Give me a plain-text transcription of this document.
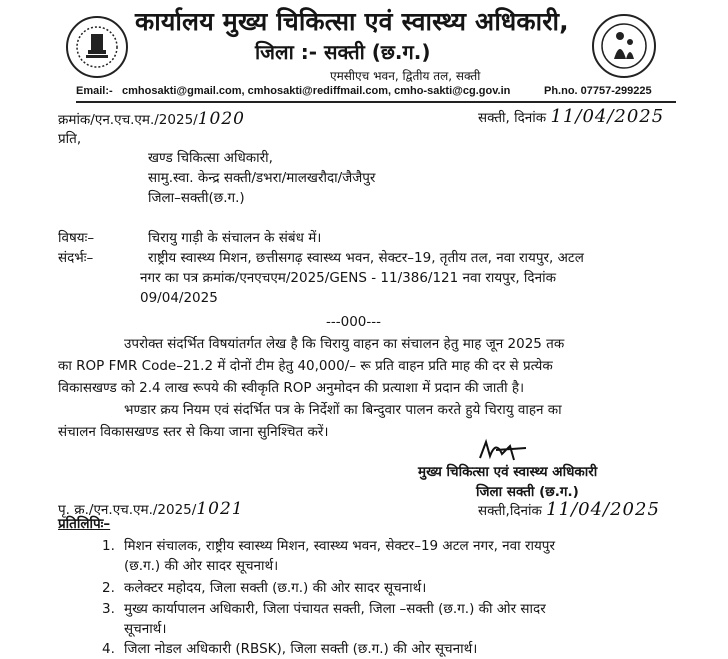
कार्यालय मुख्य चिकित्सा एवं स्वास्थ्य अधिकारी,
जिला :- सक्ती (छ.ग.)
एमसीएच भवन, द्वितीय तल, सक्ती
Email:- cmhosakti@gmail.com, cmhosakti@rediffmail.com, cmho-sakti@cg.gov.in	Ph.no. 07757-299225
क्रमांक/एन.एच.एम./2025/1020	सक्ती, दिनांक 11/04/2025
प्रति,
खण्ड चिकित्सा अधिकारी,
सामु.स्वा. केन्द्र सक्ती/डभरा/मालखरौदा/जैजैपुर
जिला–सक्ती(छ.ग.)
विषयः–	चिरायु गाड़ी के संचालन के संबंध में।
संदर्भः–	राष्ट्रीय स्वास्थ्य मिशन, छत्तीसगढ़ स्वास्थ्य भवन, सेक्टर–19, तृतीय तल, नवा रायपुर, अटल
नगर का पत्र क्रमांक/एनएचएम/2025/GENS - 11/386/121 नवा रायपुर, दिनांक
09/04/2025
---000---
उपरोक्त संदर्भित विषयांतर्गत लेख है कि चिरायु वाहन का संचालन हेतु माह जून 2025 तक
का ROP FMR Code–21.2 में दोनों टीम हेतु 40,000/– रू प्रति वाहन प्रति माह की दर से प्रत्येक
विकासखण्ड को 2.4 लाख रूपये की स्वीकृति ROP अनुमोदन की प्रत्याशा में प्रदान की जाती है।
भण्डार क्रय नियम एवं संदर्भित पत्र के निर्देशों का बिन्दुवार पालन करते हुये चिरायु वाहन का
संचालन विकासखण्ड स्तर से किया जाना सुनिश्चित करें।
मुख्य चिकित्सा एवं स्वास्थ्य अधिकारी
जिला सक्ती (छ.ग.)
पृ. क्र./एन.एच.एम./2025/1021	सक्ती,दिनांक 11/04/2025
प्रतिलिपिः–
1. मिशन संचालक, राष्ट्रीय स्वास्थ्य मिशन, स्वास्थ्य भवन, सेक्टर–19 अटल नगर, नवा रायपुर
(छ.ग.) की ओर सादर सूचनार्थ।
2. कलेक्टर महोदय, जिला सक्ती (छ.ग.) की ओर सादर सूचनार्थ।
3. मुख्य कार्यापालन अधिकारी, जिला पंचायत सक्ती, जिला –सक्ती (छ.ग.) की ओर सादर
सूचनार्थ।
4. जिला नोडल अधिकारी (RBSK), जिला सक्ती (छ.ग.) की ओर सूचनार्थ।
